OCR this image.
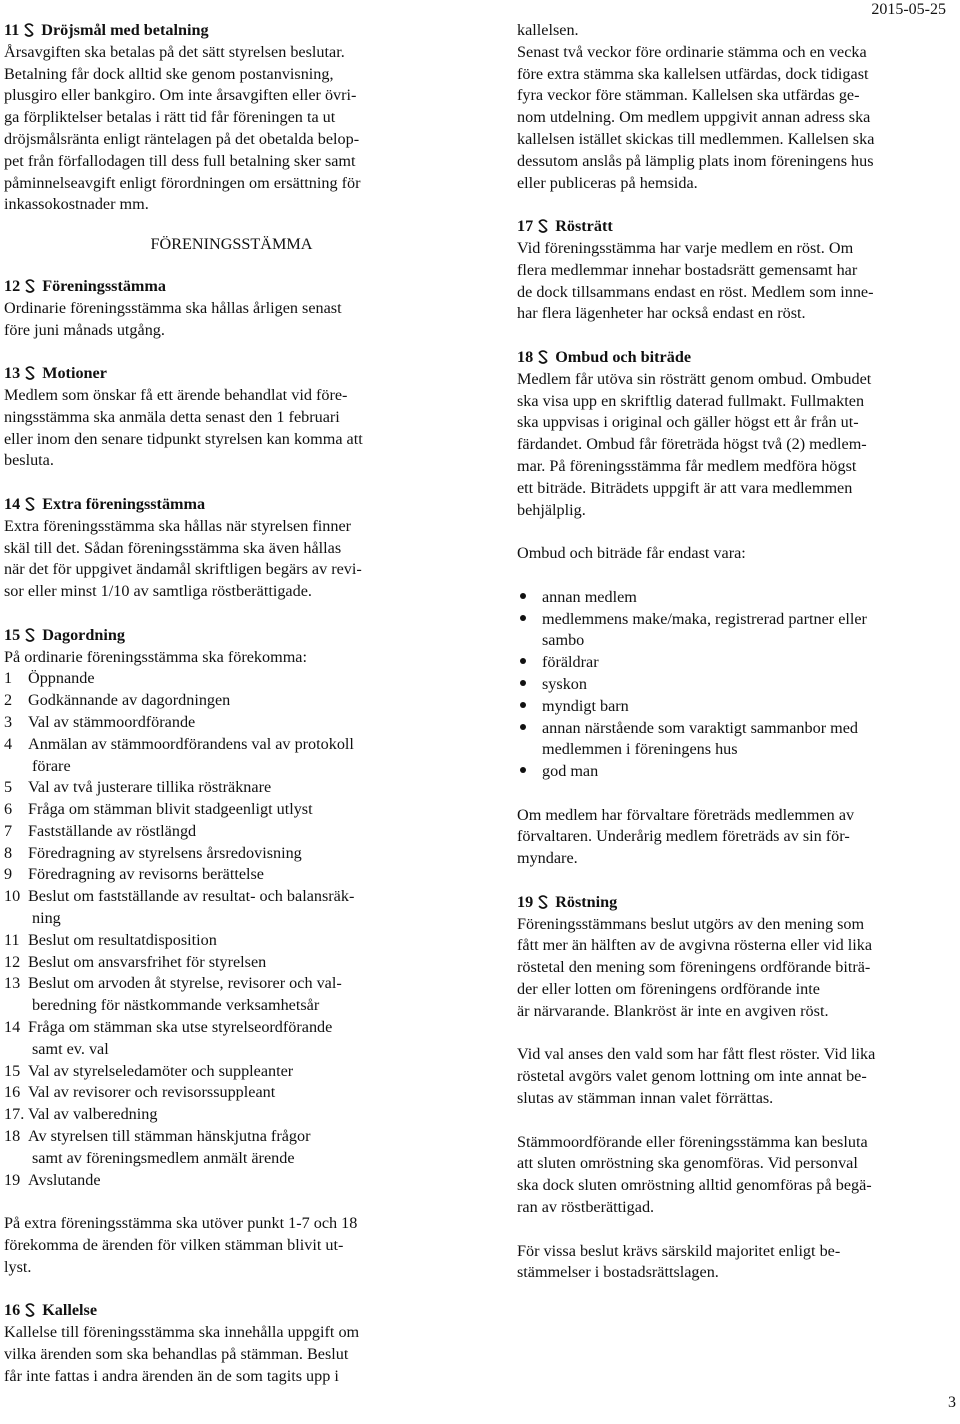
2015-05-25
11 Dröjsmål med betalning
Årsavgiften ska betalas på det sätt styrelsen beslutar.
Betalning får dock alltid ske genom postanvisning,
plusgiro eller bankgiro. Om inte årsavgiften eller övri-
ga förpliktelser betalas i rätt tid får föreningen ta ut
dröjsmålsränta enligt räntelagen på det obetalda belop-
pet från förfallodagen till dess full betalning sker samt
påminnelseavgift enligt förordningen om ersättning för
inkassokostnader mm.
FÖRENINGSSTÄMMA
12 Föreningsstämma
Ordinarie föreningsstämma ska hållas årligen senast
före juni månads utgång.
13 Motioner
Medlem som önskar få ett ärende behandlat vid före-
ningsstämma ska anmäla detta senast den 1 februari
eller inom den senare tidpunkt styrelsen kan komma att
besluta.
14 Extra föreningsstämma
Extra föreningsstämma ska hållas när styrelsen finner
skäl till det. Sådan föreningsstämma ska även hållas
när det för uppgivet ändamål skriftligen begärs av revi-
sor eller minst 1/10 av samtliga röstberättigade.
15 Dagordning
På ordinarie föreningsstämma ska förekomma:
1 Öppnande
2 Godkännande av dagordningen
3 Val av stämmoordförande
4 Anmälan av stämmoordförandens val av protokoll
förare
5 Val av två justerare tillika rösträknare
6 Fråga om stämman blivit stadgeenligt utlyst
7 Fastställande av röstlängd
8 Föredragning av styrelsens årsredovisning
9 Föredragning av revisorns berättelse
10 Beslut om fastställande av resultat- och balansräk-
ning
11 Beslut om resultatdisposition
12 Beslut om ansvarsfrihet för styrelsen
13 Beslut om arvoden åt styrelse, revisorer och val-
beredning för nästkommande verksamhetsår
14 Fråga om stämman ska utse styrelseordförande
samt ev. val
15 Val av styrelseledamöter och suppleanter
16 Val av revisorer och revisorssuppleant
17. Val av valberedning
18 Av styrelsen till stämman hänskjutna frågor
samt av föreningsmedlem anmält ärende
19 Avslutande
På extra föreningsstämma ska utöver punkt 1-7 och 18
förekomma de ärenden för vilken stämman blivit ut-
lyst.
16 Kallelse
Kallelse till föreningsstämma ska innehålla uppgift om
vilka ärenden som ska behandlas på stämman. Beslut
får inte fattas i andra ärenden än de som tagits upp i
kallelsen.
Senast två veckor före ordinarie stämma och en vecka
före extra stämma ska kallelsen utfärdas, dock tidigast
fyra veckor före stämman. Kallelsen ska utfärdas ge-
nom utdelning. Om medlem uppgivit annan adress ska
kallelsen istället skickas till medlemmen. Kallelsen ska
dessutom anslås på lämplig plats inom föreningens hus
eller publiceras på hemsida.
17 Rösträtt
Vid föreningsstämma har varje medlem en röst. Om
flera medlemmar innehar bostadsrätt gemensamt har
de dock tillsammans endast en röst. Medlem som inne-
har flera lägenheter har också endast en röst.
18 Ombud och biträde
Medlem får utöva sin rösträtt genom ombud. Ombudet
ska visa upp en skriftlig daterad fullmakt. Fullmakten
ska uppvisas i original och gäller högst ett år från ut-
färdandet. Ombud får företräda högst två (2) medlem-
mar. På föreningsstämma får medlem medföra högst
ett biträde. Biträdets uppgift är att vara medlemmen
behjälplig.
Ombud och biträde får endast vara:
annan medlem
medlemmens make/maka, registrerad partner eller
sambo
föräldrar
syskon
myndigt barn
annan närstående som varaktigt sammanbor med
medlemmen i föreningens hus
god man
Om medlem har förvaltare företräds medlemmen av
förvaltaren. Underårig medlem företräds av sin för-
myndare.
19 Röstning
Föreningsstämmans beslut utgörs av den mening som
fått mer än hälften av de avgivna rösterna eller vid lika
röstetal den mening som föreningens ordförande biträ-
der eller lotten om föreningens ordförande inte
är närvarande. Blankröst är inte en avgiven röst.
Vid val anses den vald som har fått flest röster. Vid lika
röstetal avgörs valet genom lottning om inte annat be-
slutas av stämman innan valet förrättas.
Stämmoordförande eller föreningsstämma kan besluta
att sluten omröstning ska genomföras. Vid personval
ska dock sluten omröstning alltid genomföras på begä-
ran av röstberättigad.
För vissa beslut krävs särskild majoritet enligt be-
stämmelser i bostadsrättslagen.
3
